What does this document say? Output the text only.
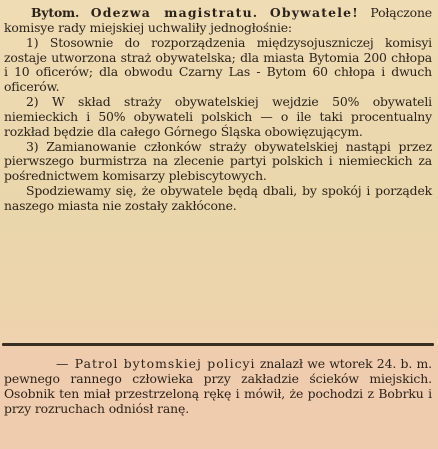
Bytom. Odezwa magistratu. Obywatele! Połączone komisye rady miejskiej uchwaliły jednogłośnie:

1) Stosownie do rozporządzenia międzysojuszniczej komisyi zostaje utworzona straż obywatelska; dla miasta Bytomia 200 chłopa i 10 oficerów; dla obwodu Czarny Las - Bytom 60 chłopa i dwuch oficerów.

2) W skład straży obywatelskiej wejdzie 50% obywateli niemieckich i 50% obywateli polskich — o ile taki procentualny rozkład będzie dla całego Górnego Śląska obowięzującym.

3) Zamianowanie członków straży obywatelskiej nastąpi przez pierwszego burmistrza na zlecenie partyi polskich i niemieckich za pośrednictwem komisarzy plebiscytowych.

Spodziewamy się, że obywatele będą dbali, by spokój i porządek naszego miasta nie zostały zakłócone.

— Patrol bytomskiej policyi znalazł we wtorek 24. b. m. pewnego rannego człowieka przy zakładzie ścieków miejskich. Osobnik ten miał przestrzeloną rękę i mówił, że pochodzi z Bobrku i przy rozruchach odniósł ranę.
